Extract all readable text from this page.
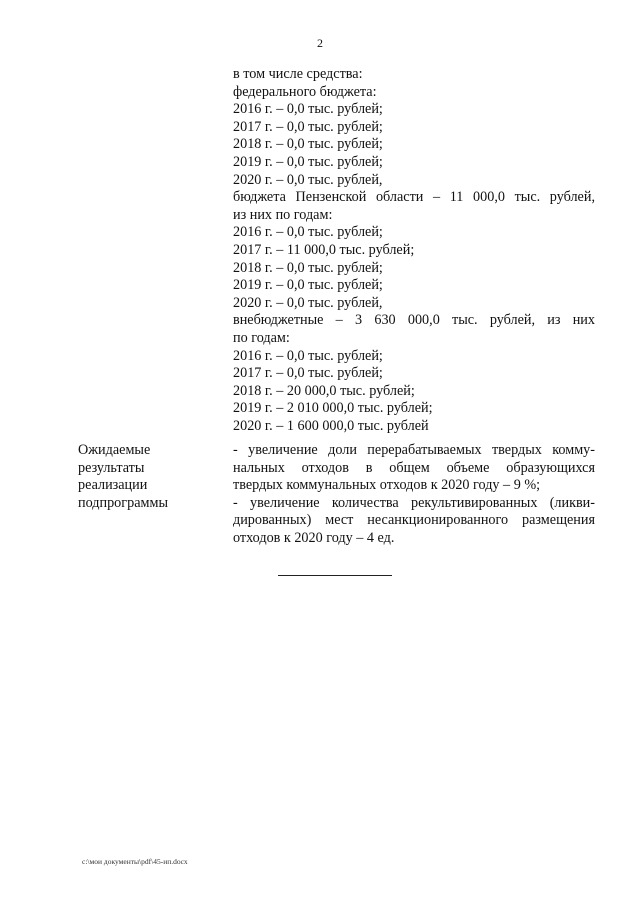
2
в том числе средства:
федерального бюджета:
2016 г. – 0,0 тыс. рублей;
2017 г. – 0,0 тыс. рублей;
2018 г. – 0,0 тыс. рублей;
2019 г. – 0,0 тыс. рублей;
2020 г. – 0,0 тыс. рублей,
бюджета Пензенской области – 11 000,0 тыс. рублей,
из них по годам:
2016 г. – 0,0 тыс. рублей;
2017 г. – 11 000,0 тыс. рублей;
2018 г. – 0,0 тыс. рублей;
2019 г. – 0,0 тыс. рублей;
2020 г. – 0,0 тыс. рублей,
внебюджетные – 3 630 000,0 тыс. рублей, из них
по годам:
2016 г. – 0,0 тыс. рублей;
2017 г. – 0,0 тыс. рублей;
2018 г. – 20 000,0 тыс. рублей;
2019 г. – 2 010 000,0 тыс. рублей;
2020 г. – 1 600 000,0 тыс. рублей
Ожидаемые
результаты
реализации
подпрограммы
- увеличение доли перерабатываемых твердых комму-
нальных отходов в общем объеме образующихся
твердых коммунальных отходов к 2020 году – 9 %;
- увеличение количества рекультивированных (ликви-
дированных) мест несанкционированного размещения
отходов к 2020 году – 4 ед.
c:\мои документы\pdf\45-ип.docx
